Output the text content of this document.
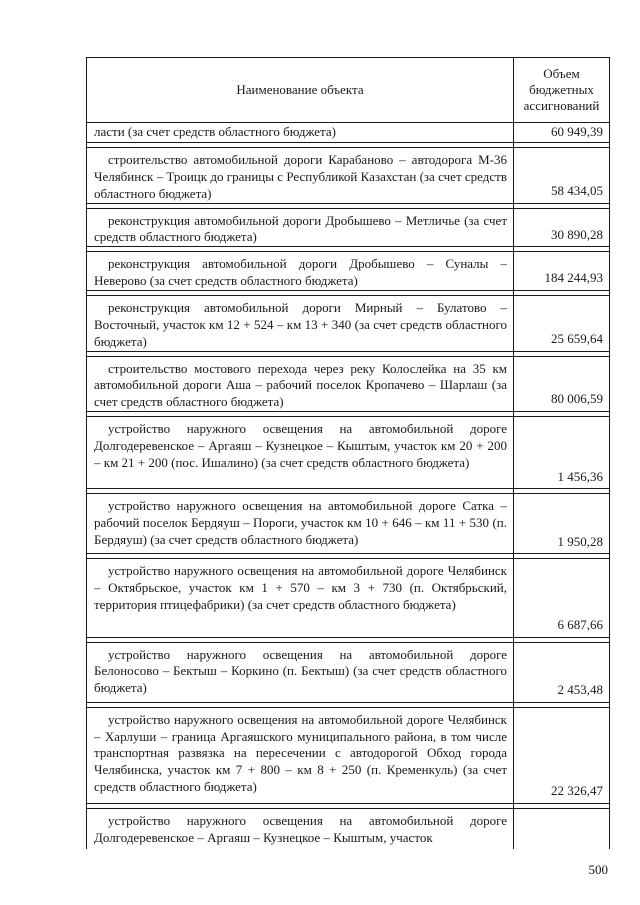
Наименование объекта	Объем бюджетных ассигнований

ласти (за счет средств областного бюджета)	60 949,39

строительство автомобильной дороги Карабаново – автодорога М-36 Челябинск – Троицк до границы с Республикой Казахстан (за счет средств областного бюджета)	58 434,05

реконструкция автомобильной дороги Дробышево – Метличье (за счет средств областного бюджета)	30 890,28

реконструкция автомобильной дороги Дробышево – Суналы – Неверово (за счет средств областного бюджета)	184 244,93

реконструкция автомобильной дороги Мирный – Булатово – Восточный, участок км 12 + 524 – км 13 + 340 (за счет средств областного бюджета)	25 659,64

строительство мостового перехода через реку Колослейка на 35 км автомобильной дороги Аша – рабочий поселок Кропачево – Шарлаш (за счет средств областного бюджета)	80 006,59

устройство наружного освещения на автомобильной дороге Долгодеревенское – Аргаяш – Кузнецкое – Кыштым, участок км 20 + 200 – км 21 + 200 (пос. Ишалино) (за счет средств областного бюджета)	1 456,36

устройство наружного освещения на автомобильной дороге Сатка – рабочий поселок Бердяуш – Пороги, участок км 10 + 646 – км 11 + 530 (п. Бердяуш) (за счет средств областного бюджета)	1 950,28

устройство наружного освещения на автомобильной дороге Челябинск – Октябрьское, участок км 1 + 570 – км 3 + 730 (п. Октябрьский, территория птицефабрики) (за счет средств областного бюджета)	6 687,66

устройство наружного освещения на автомобильной дороге Белоносово – Бектыш – Коркино (п. Бектыш) (за счет средств областного бюджета)	2 453,48

устройство наружного освещения на автомобильной дороге Челябинск – Харлуши – граница Аргаяшского муниципального района, в том числе транспортная развязка на пересечении с автодорогой Обход города Челябинска, участок км 7 + 800 – км 8 + 250 (п. Кременкуль) (за счет средств областного бюджета)	22 326,47

устройство наружного освещения на автомобильной дороге Долгодеревенское – Аргаяш – Кузнецкое – Кыштым, участок	

500
